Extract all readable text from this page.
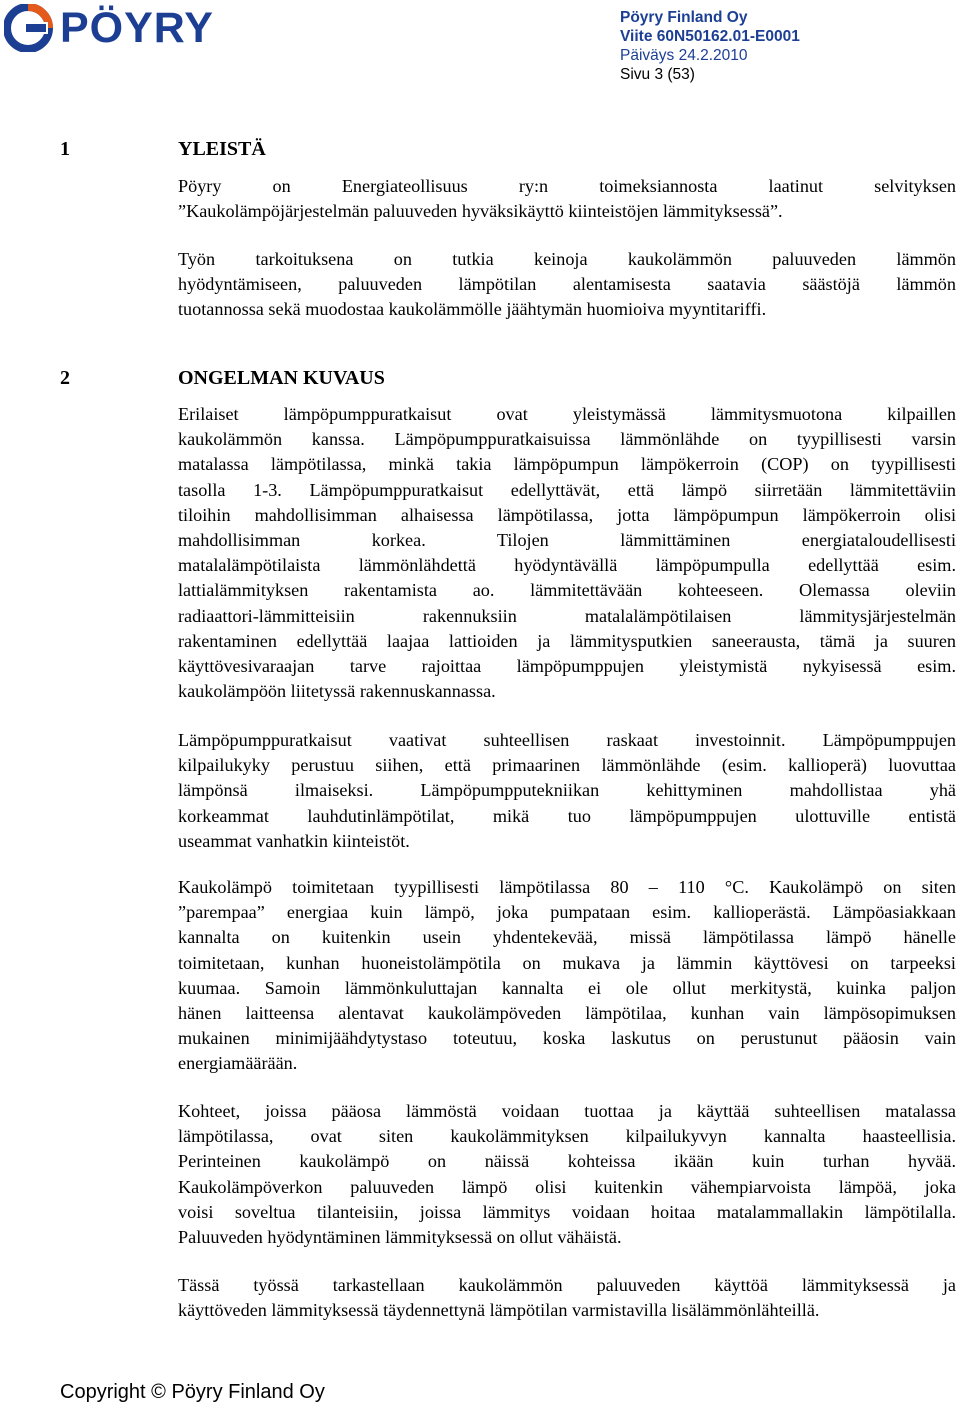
PÖYRY	Pöyry Finland Oy
Viite 60N50162.01-E0001
Päiväys 24.2.2010
Sivu 3 (53)
1	YLEISTÄ
Pöyry on Energiateollisuus ry:n toimeksiannosta laatinut selvityksen
”Kaukolämpöjärjestelmän paluuveden hyväksikäyttö kiinteistöjen lämmityksessä”.
Työn tarkoituksena on tutkia keinoja kaukolämmön paluuveden lämmön
hyödyntämiseen, paluuveden lämpötilan alentamisesta saatavia säästöjä lämmön
tuotannossa sekä muodostaa kaukolämmölle jäähtymän huomioiva myyntitariffi.
2	ONGELMAN KUVAUS
Erilaiset lämpöpumppuratkaisut ovat yleistymässä lämmitysmuotona kilpaillen
kaukolämmön kanssa. Lämpöpumppuratkaisuissa lämmönlähde on tyypillisesti varsin
matalassa lämpötilassa, minkä takia lämpöpumpun lämpökerroin (COP) on tyypillisesti
tasolla 1-3. Lämpöpumppuratkaisut edellyttävät, että lämpö siirretään lämmitettäviin
tiloihin mahdollisimman alhaisessa lämpötilassa, jotta lämpöpumpun lämpökerroin olisi
mahdollisimman korkea. Tilojen lämmittäminen energiataloudellisesti
matalalämpötilaista lämmönlähdettä hyödyntävällä lämpöpumpulla edellyttää esim.
lattialämmityksen rakentamista ao. lämmitettävään kohteeseen. Olemassa oleviin
radiaattori-lämmitteisiin rakennuksiin matalalämpötilaisen lämmitysjärjestelmän
rakentaminen edellyttää laajaa lattioiden ja lämmitysputkien saneerausta, tämä ja suuren
käyttövesivaraajan tarve rajoittaa lämpöpumppujen yleistymistä nykyisessä esim.
kaukolämpöön liitetyssä rakennuskannassa.
Lämpöpumppuratkaisut vaativat suhteellisen raskaat investoinnit. Lämpöpumppujen
kilpailukyky perustuu siihen, että primaarinen lämmönlähde (esim. kallioperä) luovuttaa
lämpönsä ilmaiseksi. Lämpöpumpputekniikan kehittyminen mahdollistaa yhä
korkeammat lauhdutinlämpötilat, mikä tuo lämpöpumppujen ulottuville entistä
useammat vanhatkin kiinteistöt.
Kaukolämpö toimitetaan tyypillisesti lämpötilassa 80 – 110 °C. Kaukolämpö on siten
”parempaa” energiaa kuin lämpö, joka pumpataan esim. kallioperästä. Lämpöasiakkaan
kannalta on kuitenkin usein yhdentekevää, missä lämpötilassa lämpö hänelle
toimitetaan, kunhan huoneistolämpötila on mukava ja lämmin käyttövesi on tarpeeksi
kuumaa. Samoin lämmönkuluttajan kannalta ei ole ollut merkitystä, kuinka paljon
hänen laitteensa alentavat kaukolämpöveden lämpötilaa, kunhan vain lämpösopimuksen
mukainen minimijäähdytystaso toteutuu, koska laskutus on perustunut pääosin vain
energiamäärään.
Kohteet, joissa pääosa lämmöstä voidaan tuottaa ja käyttää suhteellisen matalassa
lämpötilassa, ovat siten kaukolämmityksen kilpailukyvyn kannalta haasteellisia.
Perinteinen kaukolämpö on näissä kohteissa ikään kuin turhan hyvää.
Kaukolämpöverkon paluuveden lämpö olisi kuitenkin vähempiarvoista lämpöä, joka
voisi soveltua tilanteisiin, joissa lämmitys voidaan hoitaa matalammallakin lämpötilalla.
Paluuveden hyödyntäminen lämmityksessä on ollut vähäistä.
Tässä työssä tarkastellaan kaukolämmön paluuveden käyttöä lämmityksessä ja
käyttöveden lämmityksessä täydennettynä lämpötilan varmistavilla lisälämmönlähteillä.
Copyright © Pöyry Finland Oy
